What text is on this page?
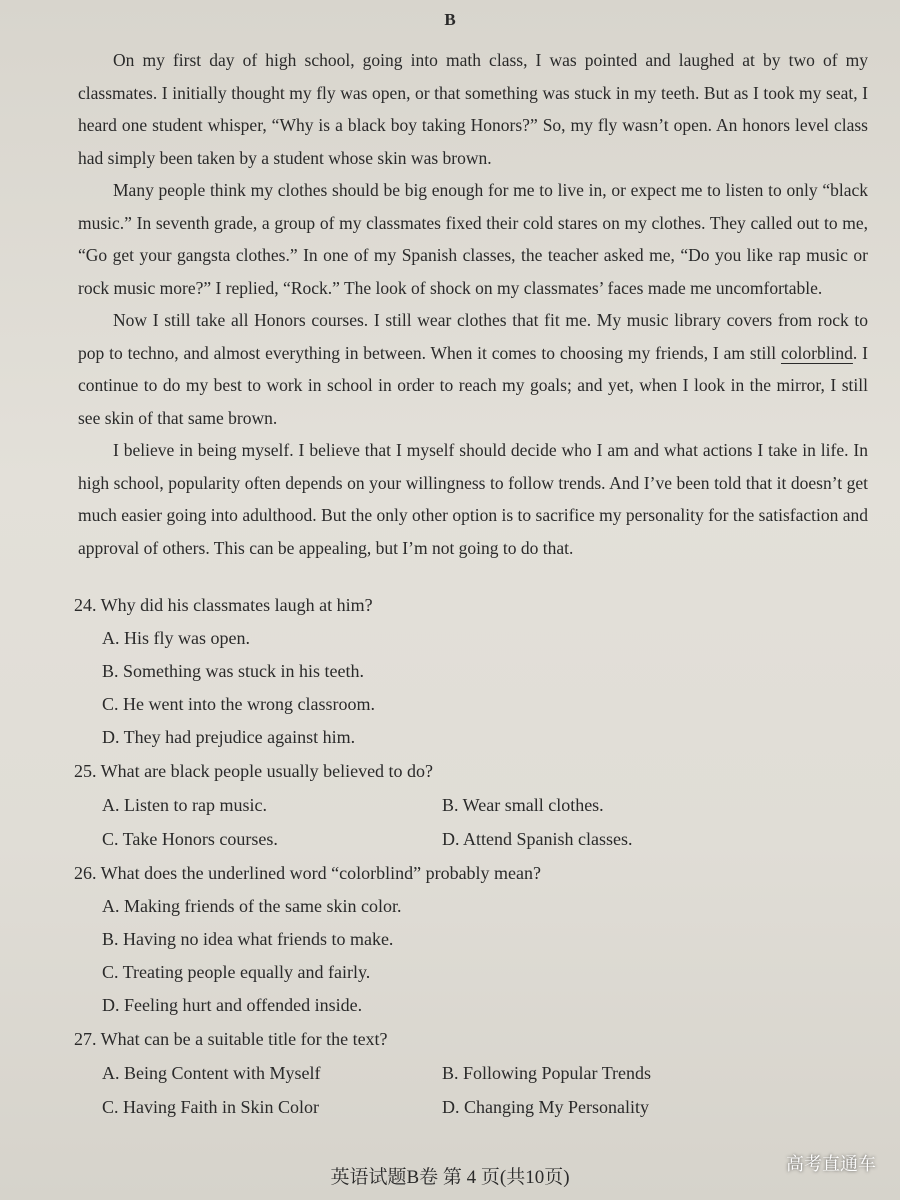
B

On my first day of high school, going into math class, I was pointed and laughed at by two of my classmates. I initially thought my fly was open, or that something was stuck in my teeth. But as I took my seat, I heard one student whisper, “Why is a black boy taking Honors?” So, my fly wasn’t open. An honors level class had simply been taken by a student whose skin was brown.

Many people think my clothes should be big enough for me to live in, or expect me to listen to only “black music.” In seventh grade, a group of my classmates fixed their cold stares on my clothes. They called out to me, “Go get your gangsta clothes.” In one of my Spanish classes, the teacher asked me, “Do you like rap music or rock music more?” I replied, “Rock.” The look of shock on my classmates’ faces made me uncomfortable.

Now I still take all Honors courses. I still wear clothes that fit me. My music library covers from rock to pop to techno, and almost everything in between. When it comes to choosing my friends, I am still colorblind. I continue to do my best to work in school in order to reach my goals; and yet, when I look in the mirror, I still see skin of that same brown.

I believe in being myself. I believe that I myself should decide who I am and what actions I take in life. In high school, popularity often depends on your willingness to follow trends. And I’ve been told that it doesn’t get much easier going into adulthood. But the only other option is to sacrifice my personality for the satisfaction and approval of others. This can be appealing, but I’m not going to do that.

24. Why did his classmates laugh at him?
A. His fly was open.
B. Something was stuck in his teeth.
C. He went into the wrong classroom.
D. They had prejudice against him.
25. What are black people usually believed to do?
A. Listen to rap music.	B. Wear small clothes.
C. Take Honors courses.	D. Attend Spanish classes.
26. What does the underlined word “colorblind” probably mean?
A. Making friends of the same skin color.
B. Having no idea what friends to make.
C. Treating people equally and fairly.
D. Feeling hurt and offended inside.
27. What can be a suitable title for the text?
A. Being Content with Myself	B. Following Popular Trends
C. Having Faith in Skin Color	D. Changing My Personality
英语试题B卷 第 4 页(共10页)
高考直通车
